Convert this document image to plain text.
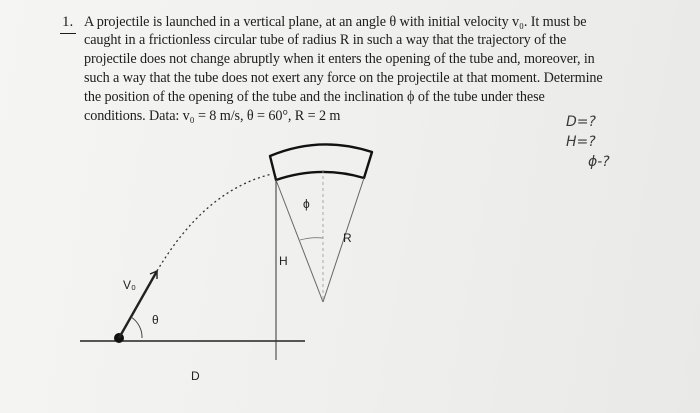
1. A projectile is launched in a vertical plane, at an angle θ with initial velocity v₀. It must be
caught in a frictionless circular tube of radius R in such a way that the trajectory of the
projectile does not change abruptly when it enters the opening of the tube and, moreover, in
such a way that the tube does not exert any force on the projectile at that moment. Determine
the position of the opening of the tube and the inclination ϕ of the tube under these
conditions. Data: v₀ = 8 m/s, θ = 60°, R = 2 m	D=?
H=?
ϕ-?
V₀
θ
ϕ
R
H
D
